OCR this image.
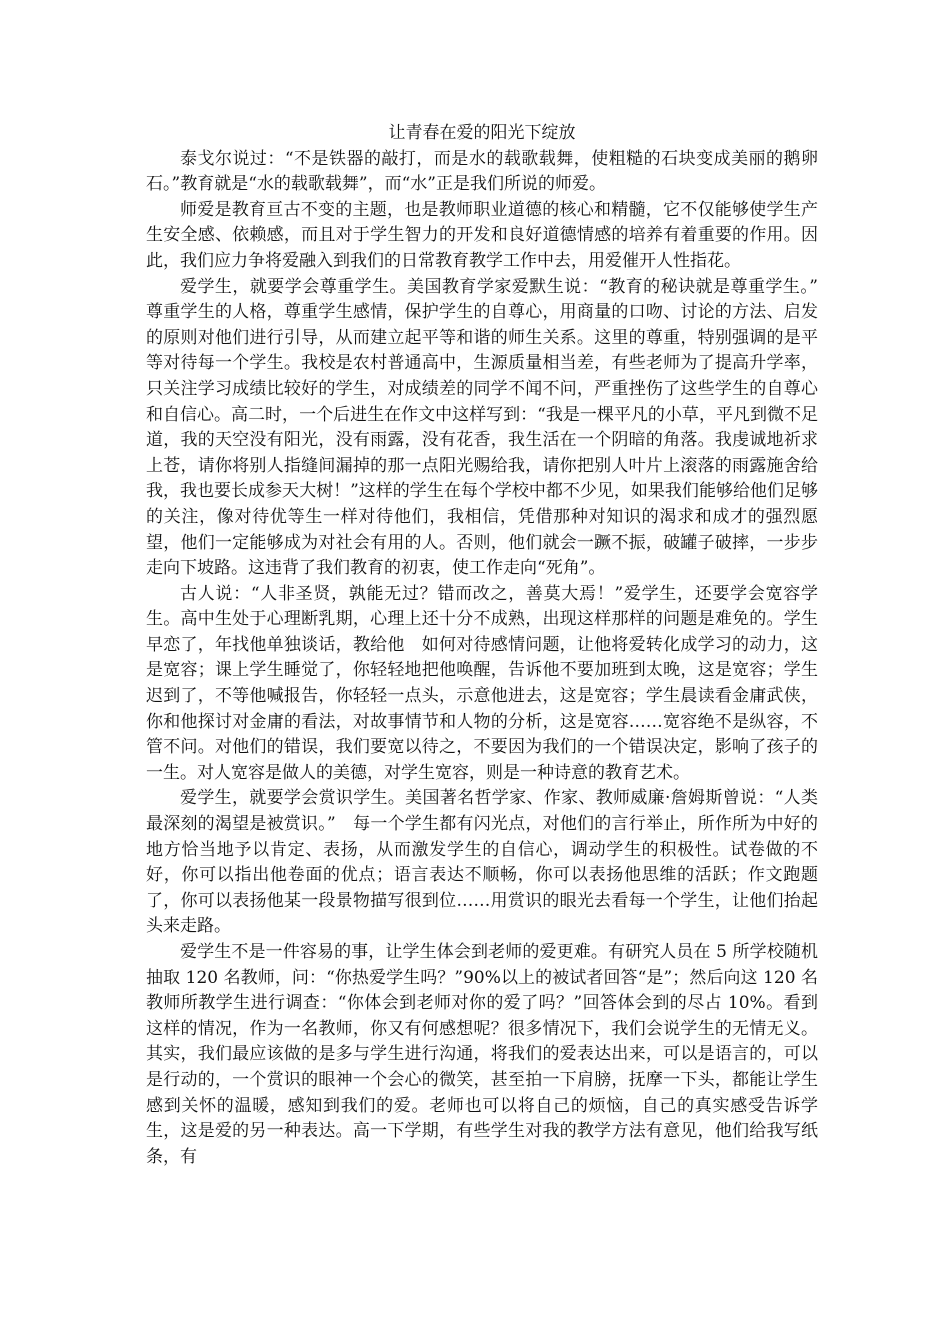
让青春在爱的阳光下绽放

泰戈尔说过：“不是铁器的敲打，而是水的载歌载舞，使粗糙的石块变成美丽的鹅卵石。”教育就是“水的载歌载舞”，而“水”正是我们所说的师爱。

师爱是教育亘古不变的主题，也是教师职业道德的核心和精髓，它不仅能够使学生产生安全感、依赖感，而且对于学生智力的开发和良好道德情感的培养有着重要的作用。因此，我们应力争将爱融入到我们的日常教育教学工作中去，用爱催开人性指花。

爱学生，就要学会尊重学生。美国教育学家爱默生说：“教育的秘诀就是尊重学生。”　尊重学生的人格，尊重学生感情，保护学生的自尊心，用商量的口吻、讨论的方法、启发的原则对他们进行引导，从而建立起平等和谐的师生关系。这里的尊重，特别强调的是平等对待每一个学生。我校是农村普通高中，生源质量相当差，有些老师为了提高升学率，只关注学习成绩比较好的学生，对成绩差的同学不闻不问，严重挫伤了这些学生的自尊心和自信心。高二时，一个后进生在作文中这样写到：“我是一棵平凡的小草，平凡到微不足道，我的天空没有阳光，没有雨露，没有花香，我生活在一个阴暗的角落。我虔诚地祈求上苍，请你将别人指缝间漏掉的那一点阳光赐给我，请你把别人叶片上滚落的雨露施舍给我，我也要长成参天大树！”这样的学生在每个学校中都不少见，如果我们能够给他们足够的关注，像对待优等生一样对待他们，我相信，凭借那种对知识的渴求和成才的强烈愿望，他们一定能够成为对社会有用的人。否则，他们就会一蹶不振，破罐子破摔，一步步走向下坡路。这违背了我们教育的初衷，使工作走向“死角”。

古人说：“人非圣贤，孰能无过？错而改之，善莫大焉！”爱学生，还要学会宽容学生。高中生处于心理断乳期，心理上还十分不成熟，出现这样那样的问题是难免的。学生早恋了，年找他单独谈话，教给他　如何对待感情问题，让他将爱转化成学习的动力，这是宽容；课上学生睡觉了，你轻轻地把他唤醒，告诉他不要加班到太晚，这是宽容；学生迟到了，不等他喊报告，你轻轻一点头，示意他进去，这是宽容；学生晨读看金庸武侠，你和他探讨对金庸的看法，对故事情节和人物的分析，这是宽容……宽容绝不是纵容，不管不问。对他们的错误，我们要宽以待之，不要因为我们的一个错误决定，影响了孩子的一生。对人宽容是做人的美德，对学生宽容，则是一种诗意的教育艺术。

爱学生，就要学会赏识学生。美国著名哲学家、作家、教师威廉·詹姆斯曾说：“人类最深刻的渴望是被赏识。”　每一个学生都有闪光点，对他们的言行举止，所作所为中好的地方恰当地予以肯定、表扬，从而激发学生的自信心，调动学生的积极性。试卷做的不好，你可以指出他卷面的优点；语言表达不顺畅，你可以表扬他思维的活跃；作文跑题了，你可以表扬他某一段景物描写很到位……用赏识的眼光去看每一个学生，让他们抬起头来走路。

爱学生不是一件容易的事，让学生体会到老师的爱更难。有研究人员在 5 所学校随机抽取 120 名教师，问：“你热爱学生吗？”90%以上的被试者回答“是”；然后向这 120 名教师所教学生进行调查：“你体会到老师对你的爱了吗？”回答体会到的尽占 10%。看到这样的情况，作为一名教师，你又有何感想呢？很多情况下，我们会说学生的无情无义。其实，我们最应该做的是多与学生进行沟通，将我们的爱表达出来，可以是语言的，可以是行动的，一个赏识的眼神一个会心的微笑，甚至拍一下肩膀，抚摩一下头，都能让学生感到关怀的温暖，感知到我们的爱。老师也可以将自己的烦恼，自己的真实感受告诉学生，这是爱的另一种表达。高一下学期，有些学生对我的教学方法有意见，他们给我写纸条，有
